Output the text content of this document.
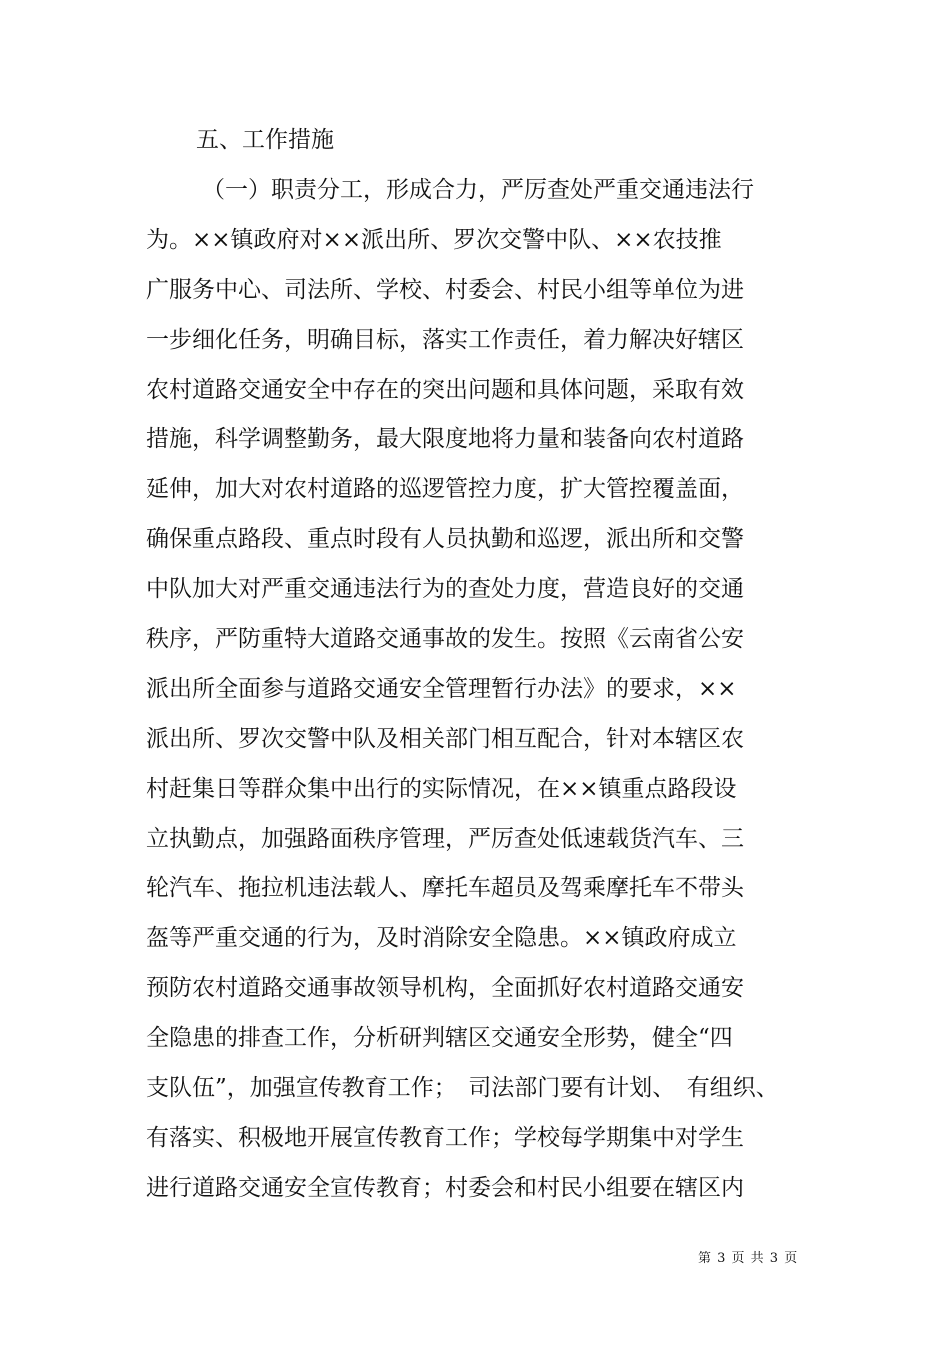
五、工作措施
（一）职责分工，形成合力，严厉查处严重交通违法行
为。××镇政府对××派出所、罗次交警中队、××农技推
广服务中心、司法所、学校、村委会、村民小组等单位为进
一步细化任务，明确目标，落实工作责任，着力解决好辖区
农村道路交通安全中存在的突出问题和具体问题，采取有效
措施，科学调整勤务，最大限度地将力量和装备向农村道路
延伸，加大对农村道路的巡逻管控力度，扩大管控覆盖面，
确保重点路段、重点时段有人员执勤和巡逻，派出所和交警
中队加大对严重交通违法行为的查处力度，营造良好的交通
秩序，严防重特大道路交通事故的发生。按照《云南省公安
派出所全面参与道路交通安全管理暂行办法》的要求，××
派出所、罗次交警中队及相关部门相互配合，针对本辖区农
村赶集日等群众集中出行的实际情况，在××镇重点路段设
立执勤点，加强路面秩序管理，严厉查处低速载货汽车、三
轮汽车、拖拉机违法载人、摩托车超员及驾乘摩托车不带头
盔等严重交通的行为，及时消除安全隐患。××镇政府成立
预防农村道路交通事故领导机构，全面抓好农村道路交通安
全隐患的排查工作，分析研判辖区交通安全形势，健全“四
支队伍”，加强宣传教育工作；　司法部门要有计划、　有组织、
有落实、积极地开展宣传教育工作；学校每学期集中对学生
进行道路交通安全宣传教育；村委会和村民小组要在辖区内
第 3 页 共 3 页
